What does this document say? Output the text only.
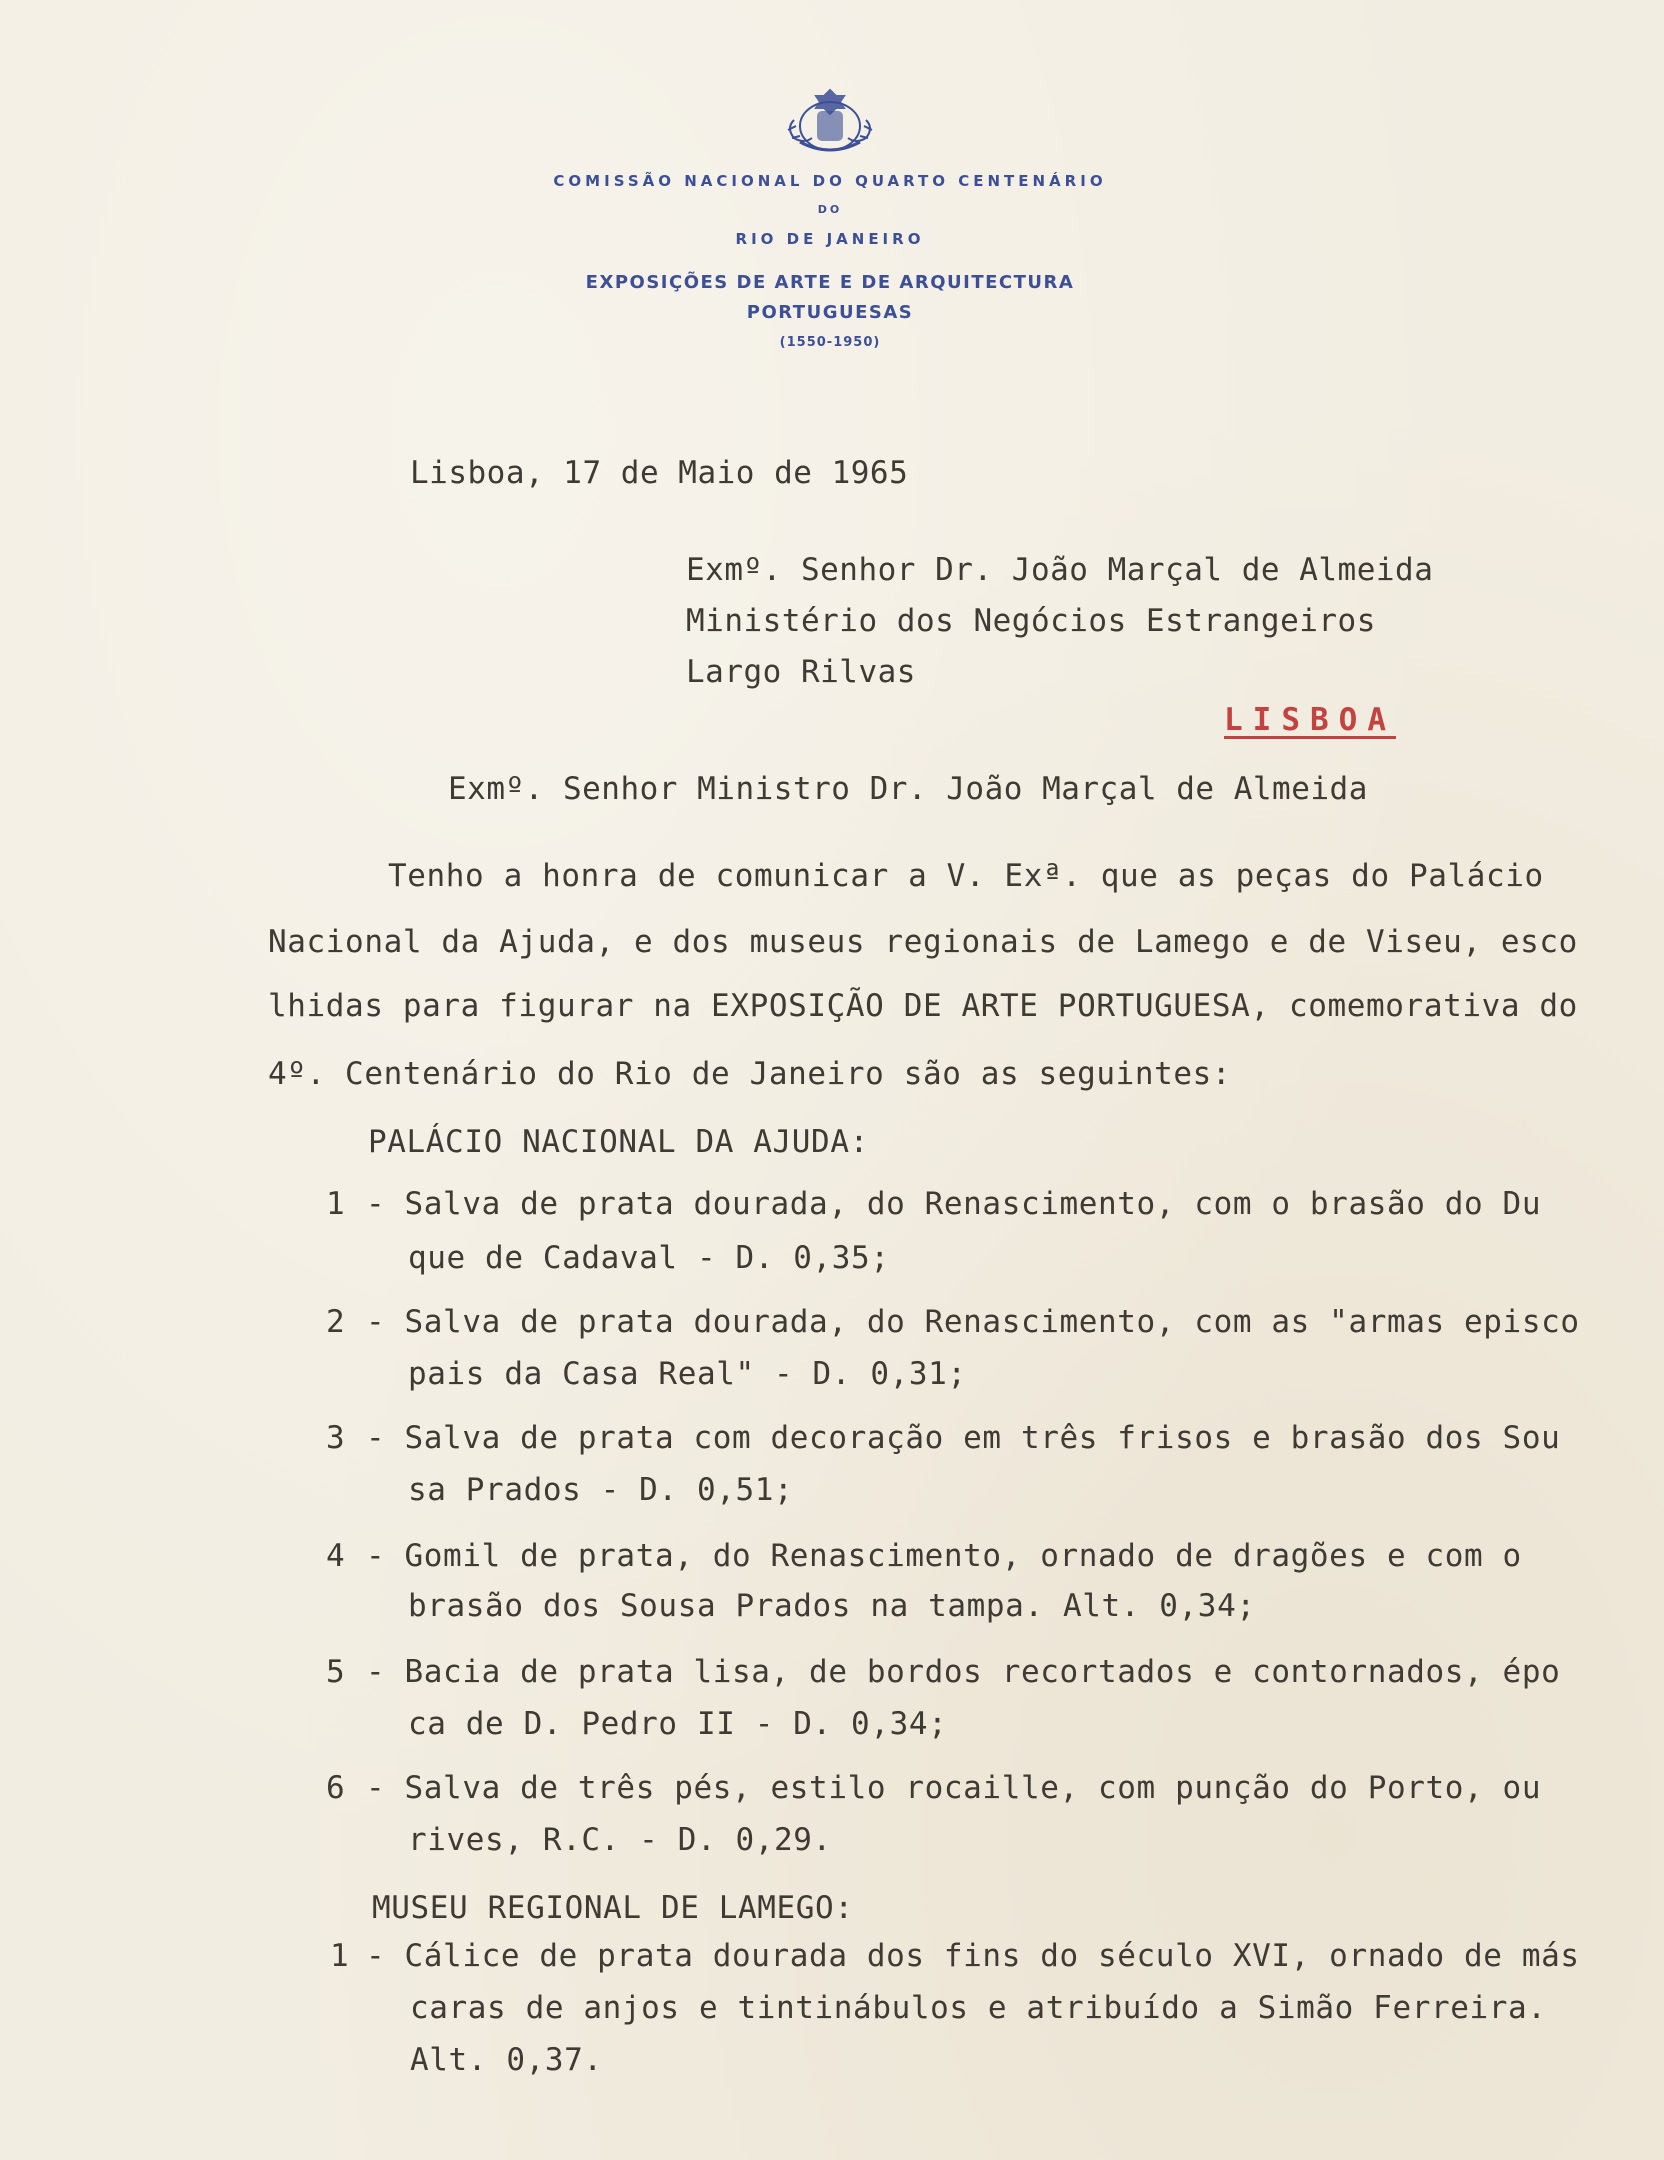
COMISSÃO NACIONAL DO QUARTO CENTENÁRIO
DO
RIO DE JANEIRO
EXPOSIÇÕES DE ARTE E DE ARQUITECTURA
PORTUGUESAS
(1550-1950)
Lisboa, 17 de Maio de 1965
Exmº. Senhor Dr. João Marçal de Almeida
Ministério dos Negócios Estrangeiros
Largo Rilvas
LISBOA
Exmº. Senhor Ministro Dr. João Marçal de Almeida
Tenho a honra de comunicar a V. Exª. que as peças do Palácio
Nacional da Ajuda, e dos museus regionais de Lamego e de Viseu, esco
lhidas para figurar na EXPOSIÇÃO DE ARTE PORTUGUESA, comemorativa do
4º. Centenário do Rio de Janeiro são as seguintes:
PALÁCIO NACIONAL DA AJUDA:
1 - Salva de prata dourada, do Renascimento, com o brasão do Du
que de Cadaval - D. 0,35;
2 - Salva de prata dourada, do Renascimento, com as "armas episco
pais da Casa Real" - D. 0,31;
3 - Salva de prata com decoração em três frisos e brasão dos Sou
sa Prados - D. 0,51;
4 - Gomil de prata, do Renascimento, ornado de dragões e com o
brasão dos Sousa Prados na tampa. Alt. 0,34;
5 - Bacia de prata lisa, de bordos recortados e contornados, épo
ca de D. Pedro II - D. 0,34;
6 - Salva de três pés, estilo rocaille, com punção do Porto, ou
rives, R.C. - D. 0,29.
MUSEU REGIONAL DE LAMEGO:
1 - Cálice de prata dourada dos fins do século XVI, ornado de más
caras de anjos e tintinábulos e atribuído a Simão Ferreira.
Alt. 0,37.
